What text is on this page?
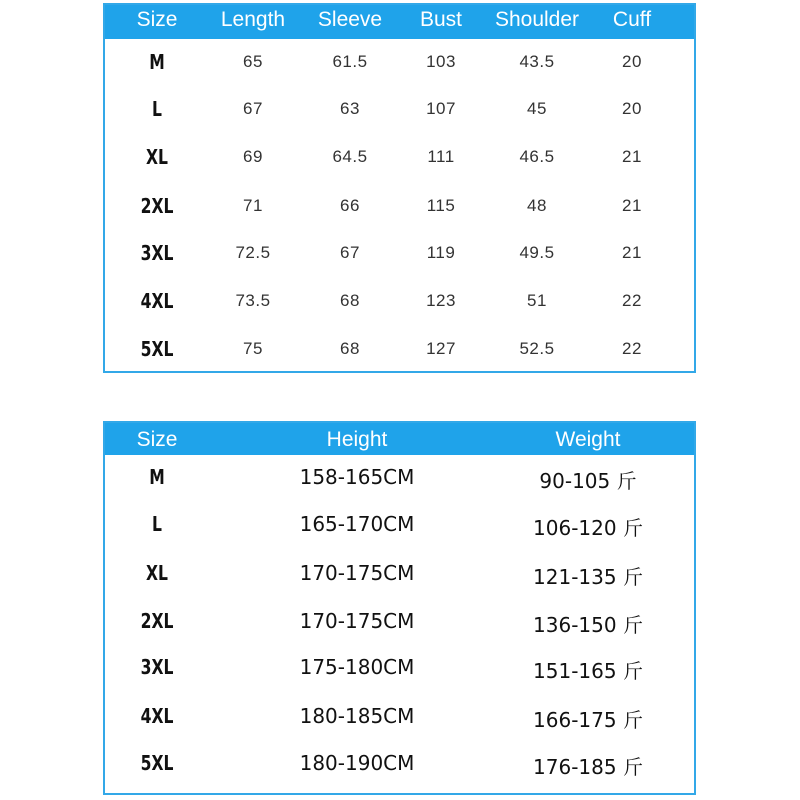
Size Length Sleeve Bust Shoulder Cuff
M	65	61.5	103	43.5	20
L	67	63	107	45	20
XL	69	64.5	111	46.5	21
2XL	71	66	115	48	21
3XL	72.5	67	119	49.5	21
4XL	73.5	68	123	51	22
5XL	75	68	127	52.5	22
Size	Height	Weight
M	158-165CM	90-105 斤
L	165-170CM	106-120 斤
XL	170-175CM	121-135 斤
2XL	170-175CM	136-150 斤
3XL	175-180CM	151-165 斤
4XL	180-185CM	166-175 斤
5XL	180-190CM	176-185 斤
